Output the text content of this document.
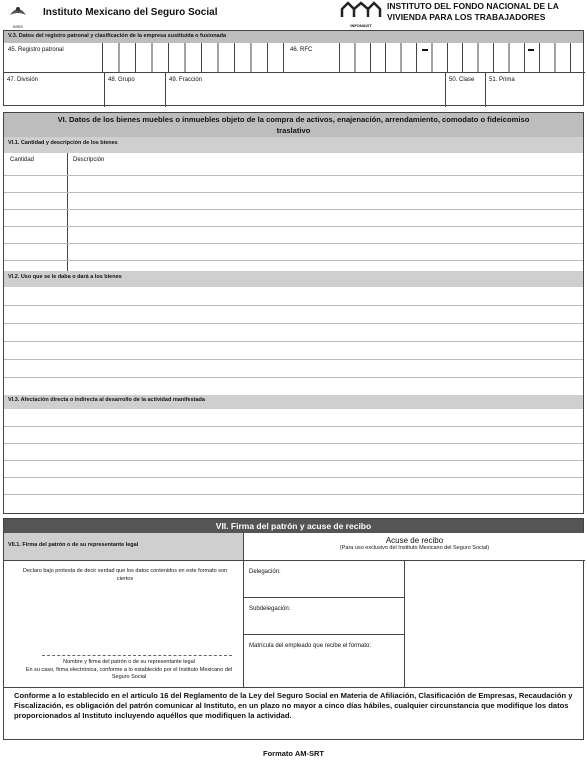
IMSS
Instituto Mexicano del Seguro Social
INFONAVIT
INSTITUTO DEL FONDO NACIONAL DE LA
VIVIENDA PARA LOS TRABAJADORES
V.3. Datos del registro patronal y clasificación de la empresa sustituida o fusionada
45. Registro patronal	46. RFC
47. División	48. Grupo	49. Fracción	50. Clase 51. Prima
VI. Datos de los bienes muebles o inmuebles objeto de la compra de activos, enajenación, arrendamiento, comodato o fideicomiso
traslativo
VI.1. Cantidad y descripción de los bienes
Cantidad	Descripción
VI.2. Uso que se le daba o dará a los bienes
VI.3. Afectación directa o indirecta al desarrollo de la actividad manifestada
VII. Firma del patrón y acuse de recibo
VII.1. Firma del patrón o de su representante legal
Declaro bajo protesta de decir verdad que los datos contenidos en este formato son ciertos
Nombre y firma del patrón o de su representante legal
En su caso, firma electrónica, conforme a lo establecido por el Instituto Mexicano del Seguro Social
Acuse de recibo
(Para uso exclusivo del Instituto Mexicano del Seguro Social)
Delegación:
Subdelegación:
Matrícula del empleado que recibe el formato:
Conforme a lo establecido en el artículo 16 del Reglamento de la Ley del Seguro Social en Materia de Afiliación, Clasificación de Empresas, Recaudación y Fiscalización, es obligación del patrón comunicar al Instituto, en un plazo no mayor a cinco días hábiles, cualquier circunstancia que modifique los datos proporcionados al Instituto incluyendo aquéllos que modifiquen la actividad.
Formato AM-SRT
